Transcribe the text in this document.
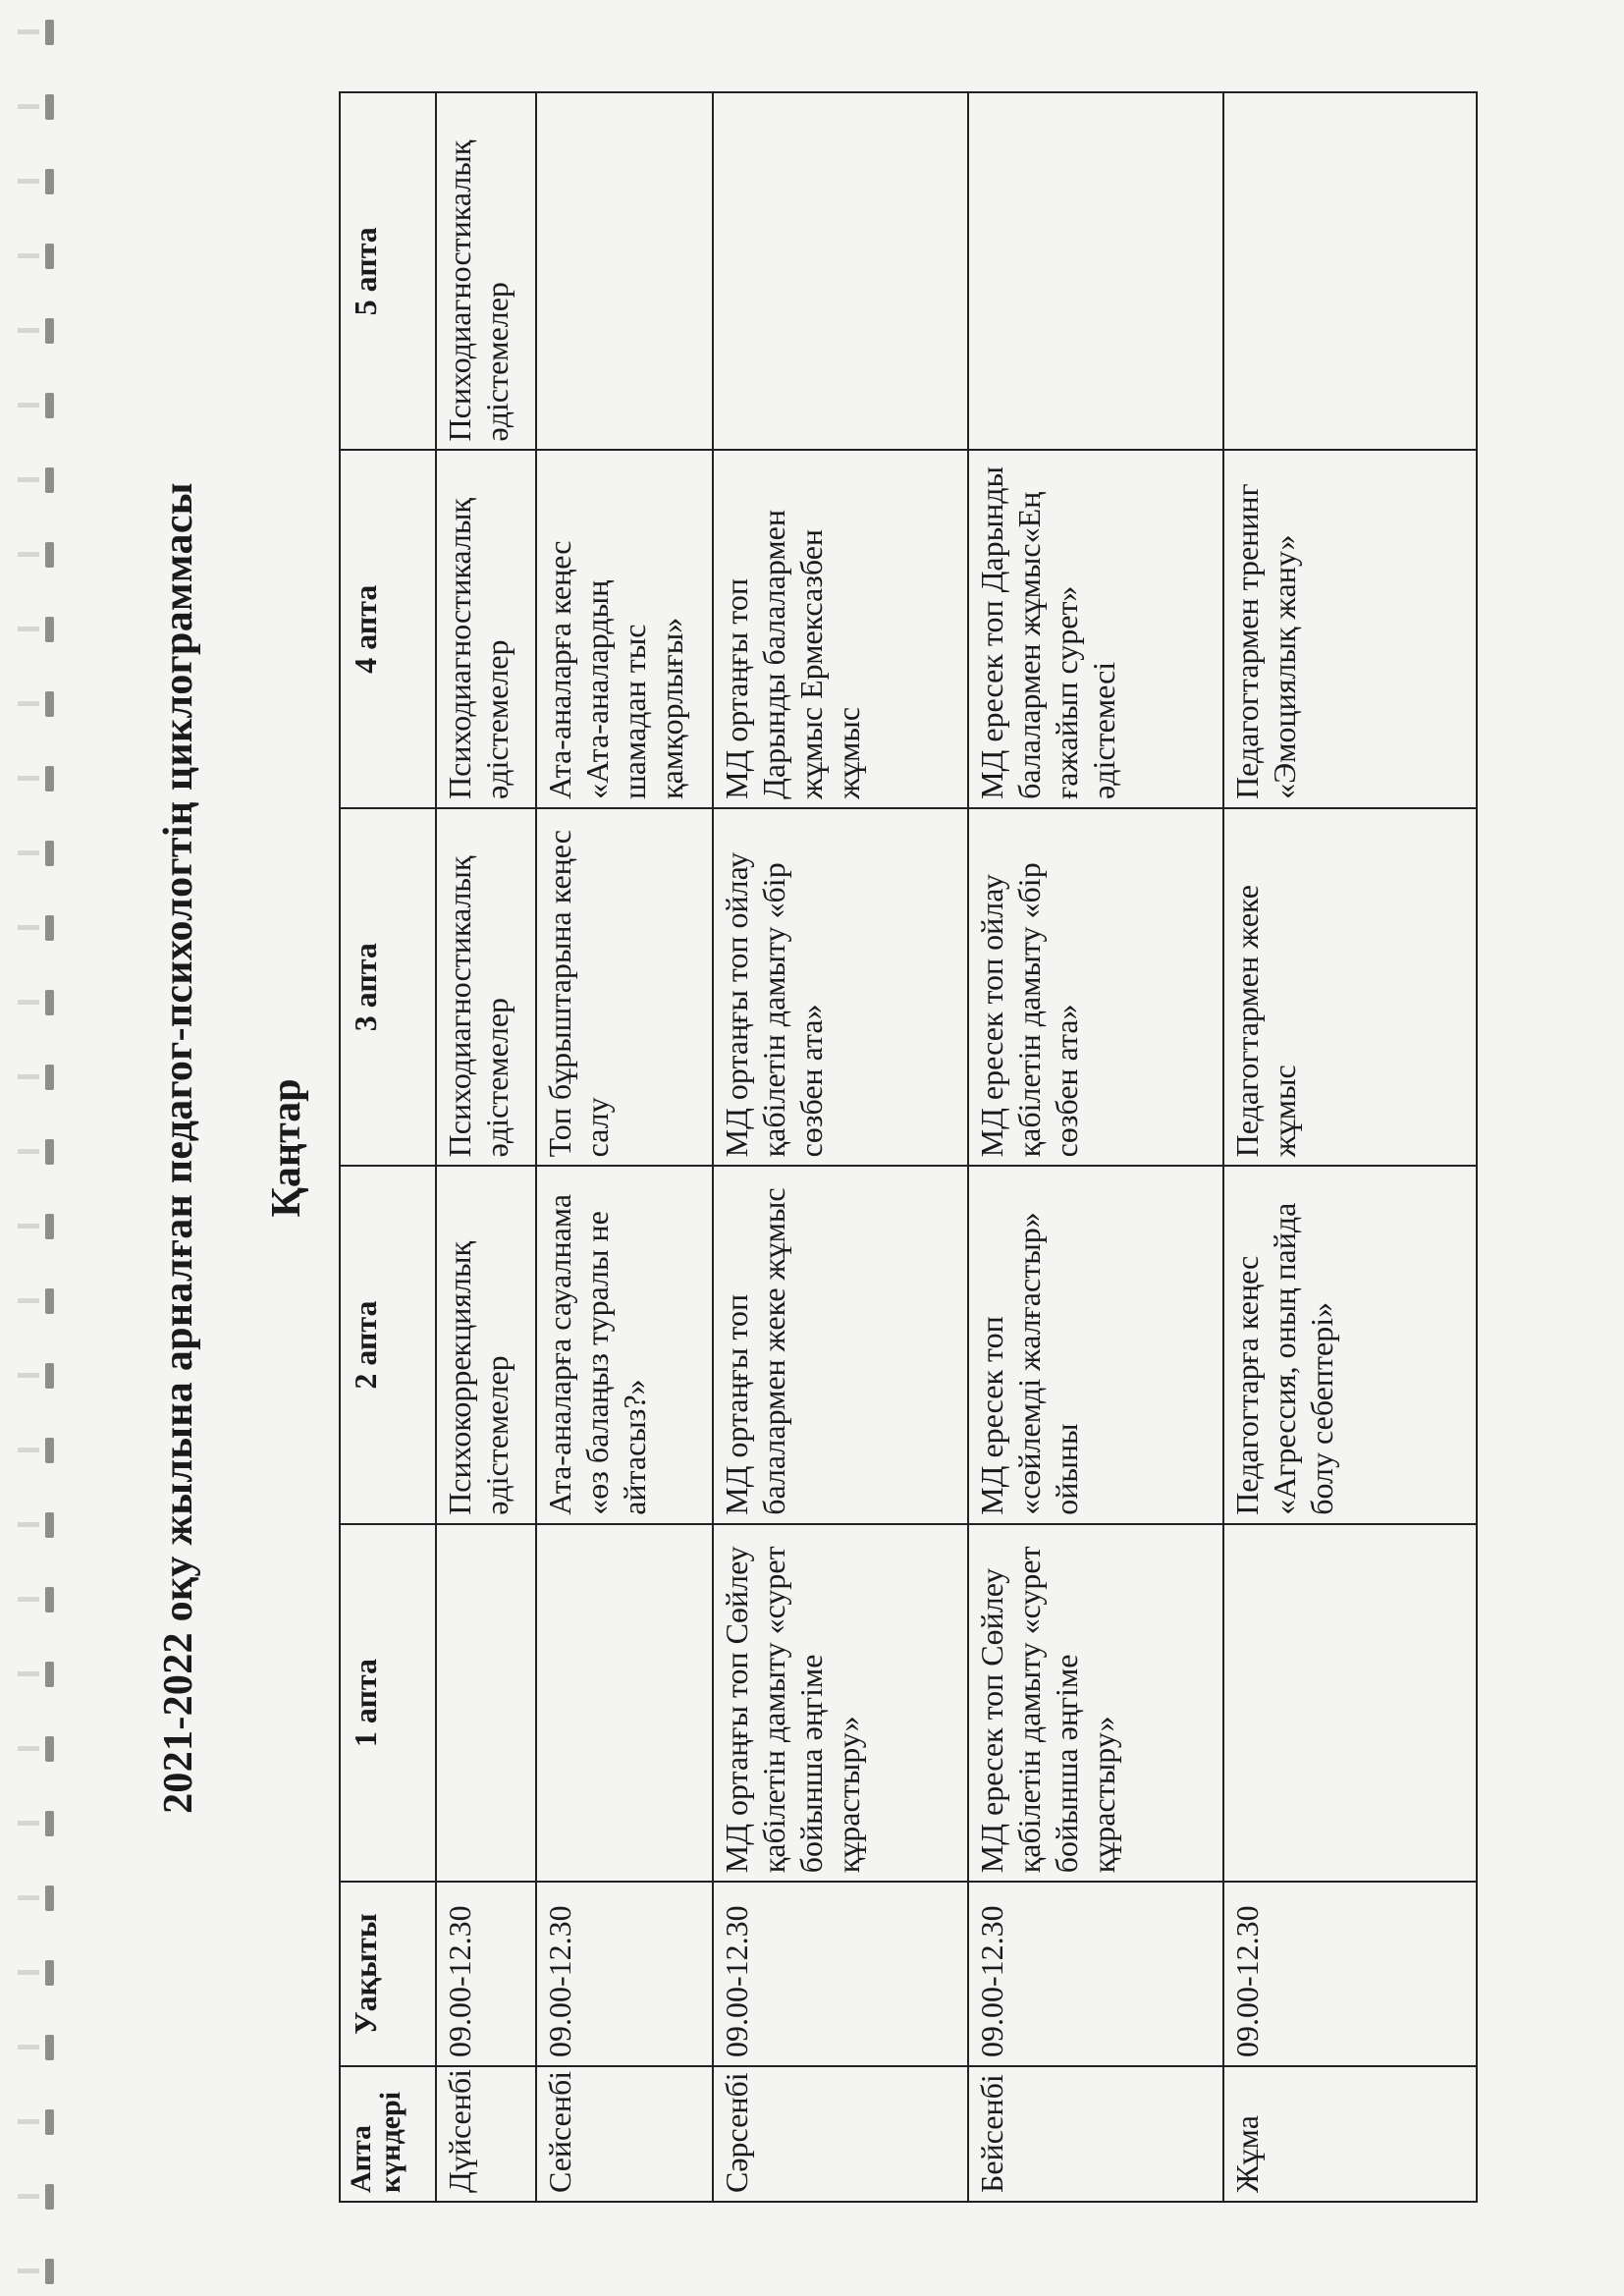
2021-2022 оқу жылына арналған педагог-психологтің циклограммасы Қаңтар
Апта күндері	Уақыты	1 апта	2 апта	3 апта	4 апта	5 апта
Дүйсенбі	09.00-12.30		Психокоррекциялық әдістемелер	Психодиагностикалық әдістемелер	Психодиагностикалық әдістемелер	Психодиагностикалық әдістемелер
Сейсенбі	09.00-12.30		Ата-аналарға сауалнама «өз балаңыз туралы не айтасыз?»	Топ бұрыштарына кеңес салу	Ата-аналарға кеңес «Ата-аналардың шамадан тыс қамқорлығы»	
Сәрсенбі	09.00-12.30	МД ортаңғы топ Сөйлеу қабілетін дамыту «сурет бойынша әңгіме құрастыру»	МД ортаңғы топ балалармен жеке жұмыс	МД ортаңғы топ ойлау қабілетін дамыту «бір сөзбен ата»	МД ортаңғы топ Дарынды балалармен жұмыс Ермексазбен жұмыс	
Бейсенбі	09.00-12.30	МД ересек топ Сөйлеу қабілетін дамыту «сурет бойынша әңгіме құрастыру»	МД ересек топ «сөйлемді жалғастыр» ойыны	МД ересек топ ойлау қабілетін дамыту «бір сөзбен ата»	МД ересек топ Дарынды балалармен жұмыс«Ең ғажайып сурет» әдістемесі	
Жұма	09.00-12.30		Педагогтарға кеңес «Агрессия, оның пайда болу себептері»	Педагогтармен жеке жұмыс	Педагогтармен тренинг «Эмоциялық жану»	
